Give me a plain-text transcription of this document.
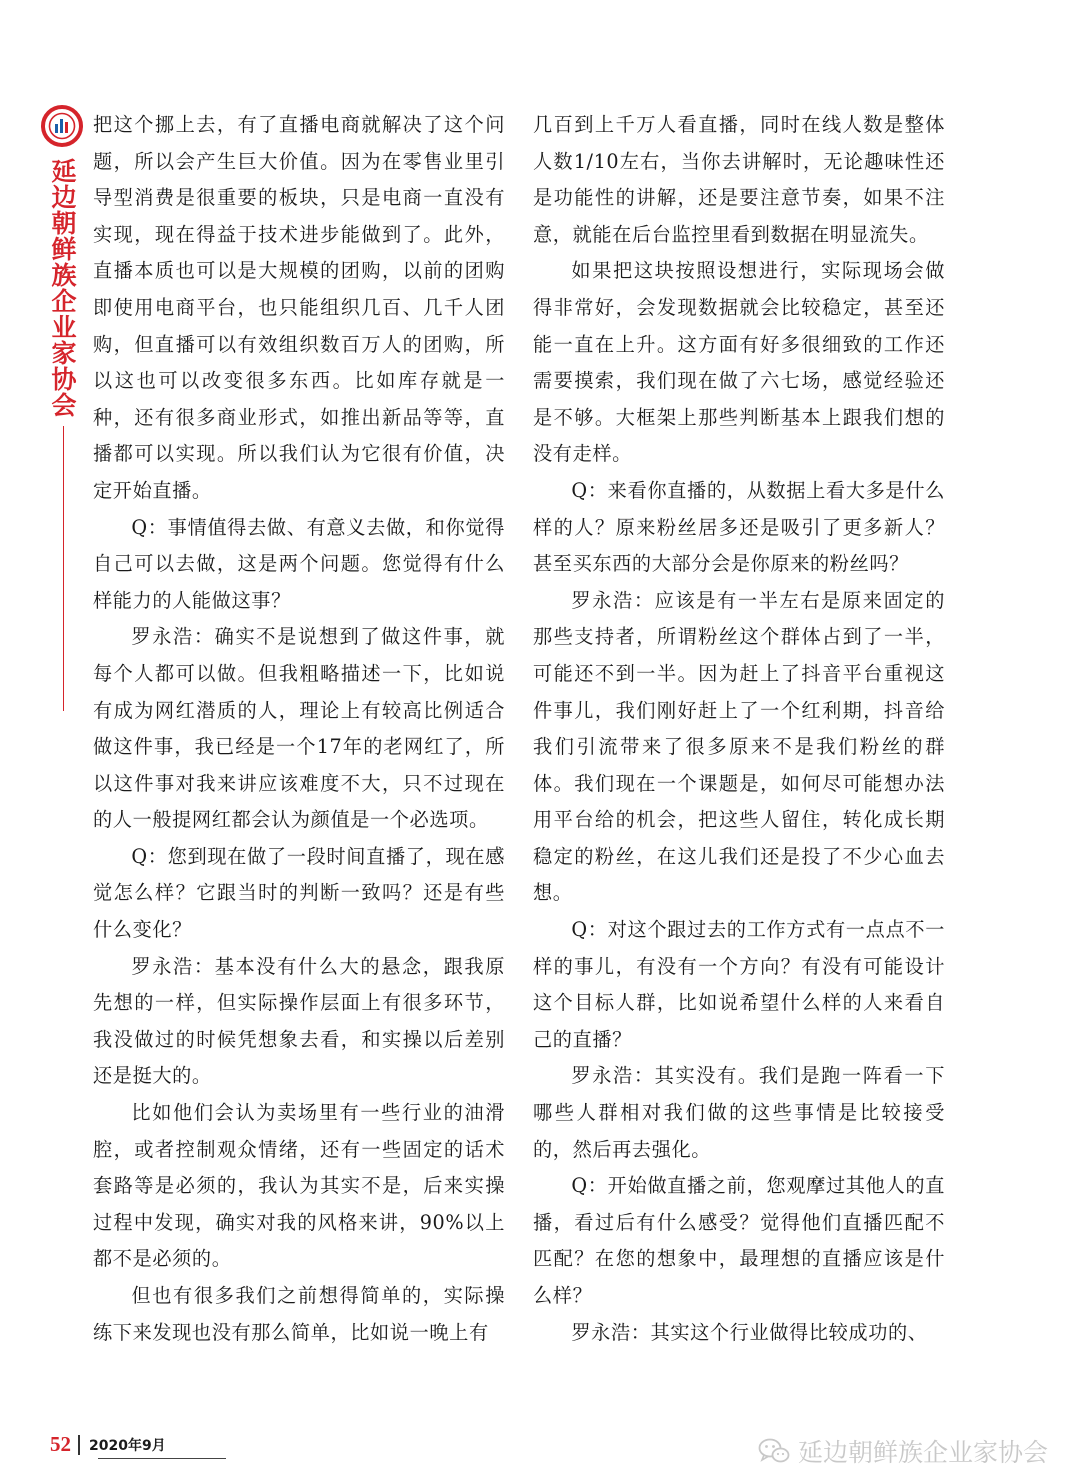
延边朝鲜族企业家协会

把这个挪上去，有了直播电商就解决了这个问题，所以会产生巨大价值。因为在零售业里引导型消费是很重要的板块，只是电商一直没有实现，现在得益于技术进步能做到了。此外，直播本质也可以是大规模的团购，以前的团购即使用电商平台，也只能组织几百、几千人团购，但直播可以有效组织数百万人的团购，所以这也可以改变很多东西。比如库存就是一种，还有很多商业形式，如推出新品等等，直播都可以实现。所以我们认为它很有价值，决定开始直播。

Q：事情值得去做、有意义去做，和你觉得自己可以去做，这是两个问题。您觉得有什么样能力的人能做这事？

罗永浩：确实不是说想到了做这件事，就每个人都可以做。但我粗略描述一下，比如说有成为网红潜质的人，理论上有较高比例适合做这件事，我已经是一个17年的老网红了，所以这件事对我来讲应该难度不大，只不过现在的人一般提网红都会认为颜值是一个必选项。

Q：您到现在做了一段时间直播了，现在感觉怎么样？它跟当时的判断一致吗？还是有些什么变化？

罗永浩：基本没有什么大的悬念，跟我原先想的一样，但实际操作层面上有很多环节，我没做过的时候凭想象去看，和实操以后差别还是挺大的。

比如他们会认为卖场里有一些行业的油滑腔，或者控制观众情绪，还有一些固定的话术套路等是必须的，我认为其实不是，后来实操过程中发现，确实对我的风格来讲，90%以上都不是必须的。

但也有很多我们之前想得简单的，实际操练下来发现也没有那么简单，比如说一晚上有

几百到上千万人看直播，同时在线人数是整体人数1/10左右，当你去讲解时，无论趣味性还是功能性的讲解，还是要注意节奏，如果不注意，就能在后台监控里看到数据在明显流失。

如果把这块按照设想进行，实际现场会做得非常好，会发现数据就会比较稳定，甚至还能一直在上升。这方面有好多很细致的工作还需要摸索，我们现在做了六七场，感觉经验还是不够。大框架上那些判断基本上跟我们想的没有走样。

Q：来看你直播的，从数据上看大多是什么样的人？原来粉丝居多还是吸引了更多新人？甚至买东西的大部分会是你原来的粉丝吗？

罗永浩：应该是有一半左右是原来固定的那些支持者，所谓粉丝这个群体占到了一半，可能还不到一半。因为赶上了抖音平台重视这件事儿，我们刚好赶上了一个红利期，抖音给我们引流带来了很多原来不是我们粉丝的群体。我们现在一个课题是，如何尽可能想办法用平台给的机会，把这些人留住，转化成长期稳定的粉丝，在这儿我们还是投了不少心血去想。

Q：对这个跟过去的工作方式有一点点不一样的事儿，有没有一个方向？有没有可能设计这个目标人群，比如说希望什么样的人来看自己的直播？

罗永浩：其实没有。我们是跑一阵看一下哪些人群相对我们做的这些事情是比较接受的，然后再去强化。

Q：开始做直播之前，您观摩过其他人的直播，看过后有什么感受？觉得他们直播匹配不匹配？在您的想象中，最理想的直播应该是什么样？

罗永浩：其实这个行业做得比较成功的、

52 2020年9月	延边朝鲜族企业家协会
